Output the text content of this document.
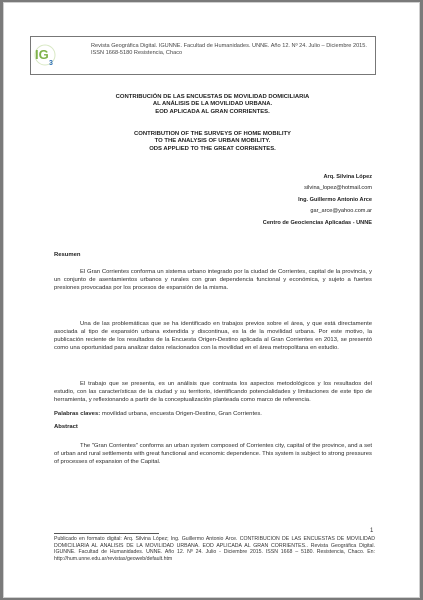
IG
3
Revista Geográfica Digital. IGUNNE. Facultad de Humanidades. UNNE. Año 12. Nº 24. Julio – Diciembre 2015. ISSN 1668-5180 Resistencia, Chaco
CONTRIBUCIÓN DE LAS ENCUESTAS DE MOVILIDAD DOMICILIARIA
AL ANÁLISIS DE LA MOVILIDAD URBANA.
EOD APLICADA AL GRAN CORRIENTES.
CONTRIBUTION OF THE SURVEYS OF HOME MOBILITY
TO THE ANALYSIS OF URBAN MOBILITY.
ODS APPLIED TO THE GREAT CORRIENTES.
Arq. Silvina López
silvina_lopez@hotmail.com
Ing. Guillermo Antonio Arce
gar_arce@yahoo.com.ar
Centro de Geociencias Aplicadas - UNNE
Resumen
El Gran Corrientes conforma un sistema urbano integrado por la ciudad de Corrientes, capital de la provincia, y un conjunto de asentamientos urbanos y rurales con gran dependencia funcional y económica, y sujeto a fuertes presiones provocadas por los procesos de expansión de la misma.
Una de las problemáticas que se ha identificado en trabajos previos sobre el área, y que está directamente asociada al tipo de expansión urbana extendida y discontinua, es la de la movilidad urbana. Por este motivo, la publicación reciente de los resultados de la Encuesta Origen-Destino aplicada al Gran Corrientes en 2013, se presentó como una oportunidad para analizar datos relacionados con la movilidad en el área metropolitana en estudio.
El trabajo que se presenta, es un análisis que contrasta los aspectos metodológicos y los resultados del estudio, con las características de la ciudad y su territorio, identificando potencialidades y limitaciones de este tipo de herramienta, y reflexionando a partir de la conceptualización planteada como marco de referencia.
Palabras claves: movilidad urbana, encuesta Origen-Destino, Gran Corrientes.
Abstract
The "Gran Corrientes" conforms an urban system composed of Corrientes city, capital of the province, and a set of urban and rural settlements with great functional and economic dependence. This system is subject to strong pressures of processes of expansion of the Capital.
1
Publicado en formato digital: Arq. Silvina López; Ing. Guillermo Antonio Arce. CONTRIBUCION DE LAS ENCUESTAS DE MOVILIDAD DOMICILIARIA AL ANALISIS DE LA MOVILIDAD URBANA. EOD APLICADA AL GRAN CORRIENTES.. Revista Geográfica Digital. IGUNNE. Facultad de Humanidades. UNNE. Año 12. Nº 24. Julio - Diciembre 2015. ISSN 1668 – 5180. Resistencia, Chaco. En: http://hum.unne.edu.ar/revistas/geoweb/default.htm
